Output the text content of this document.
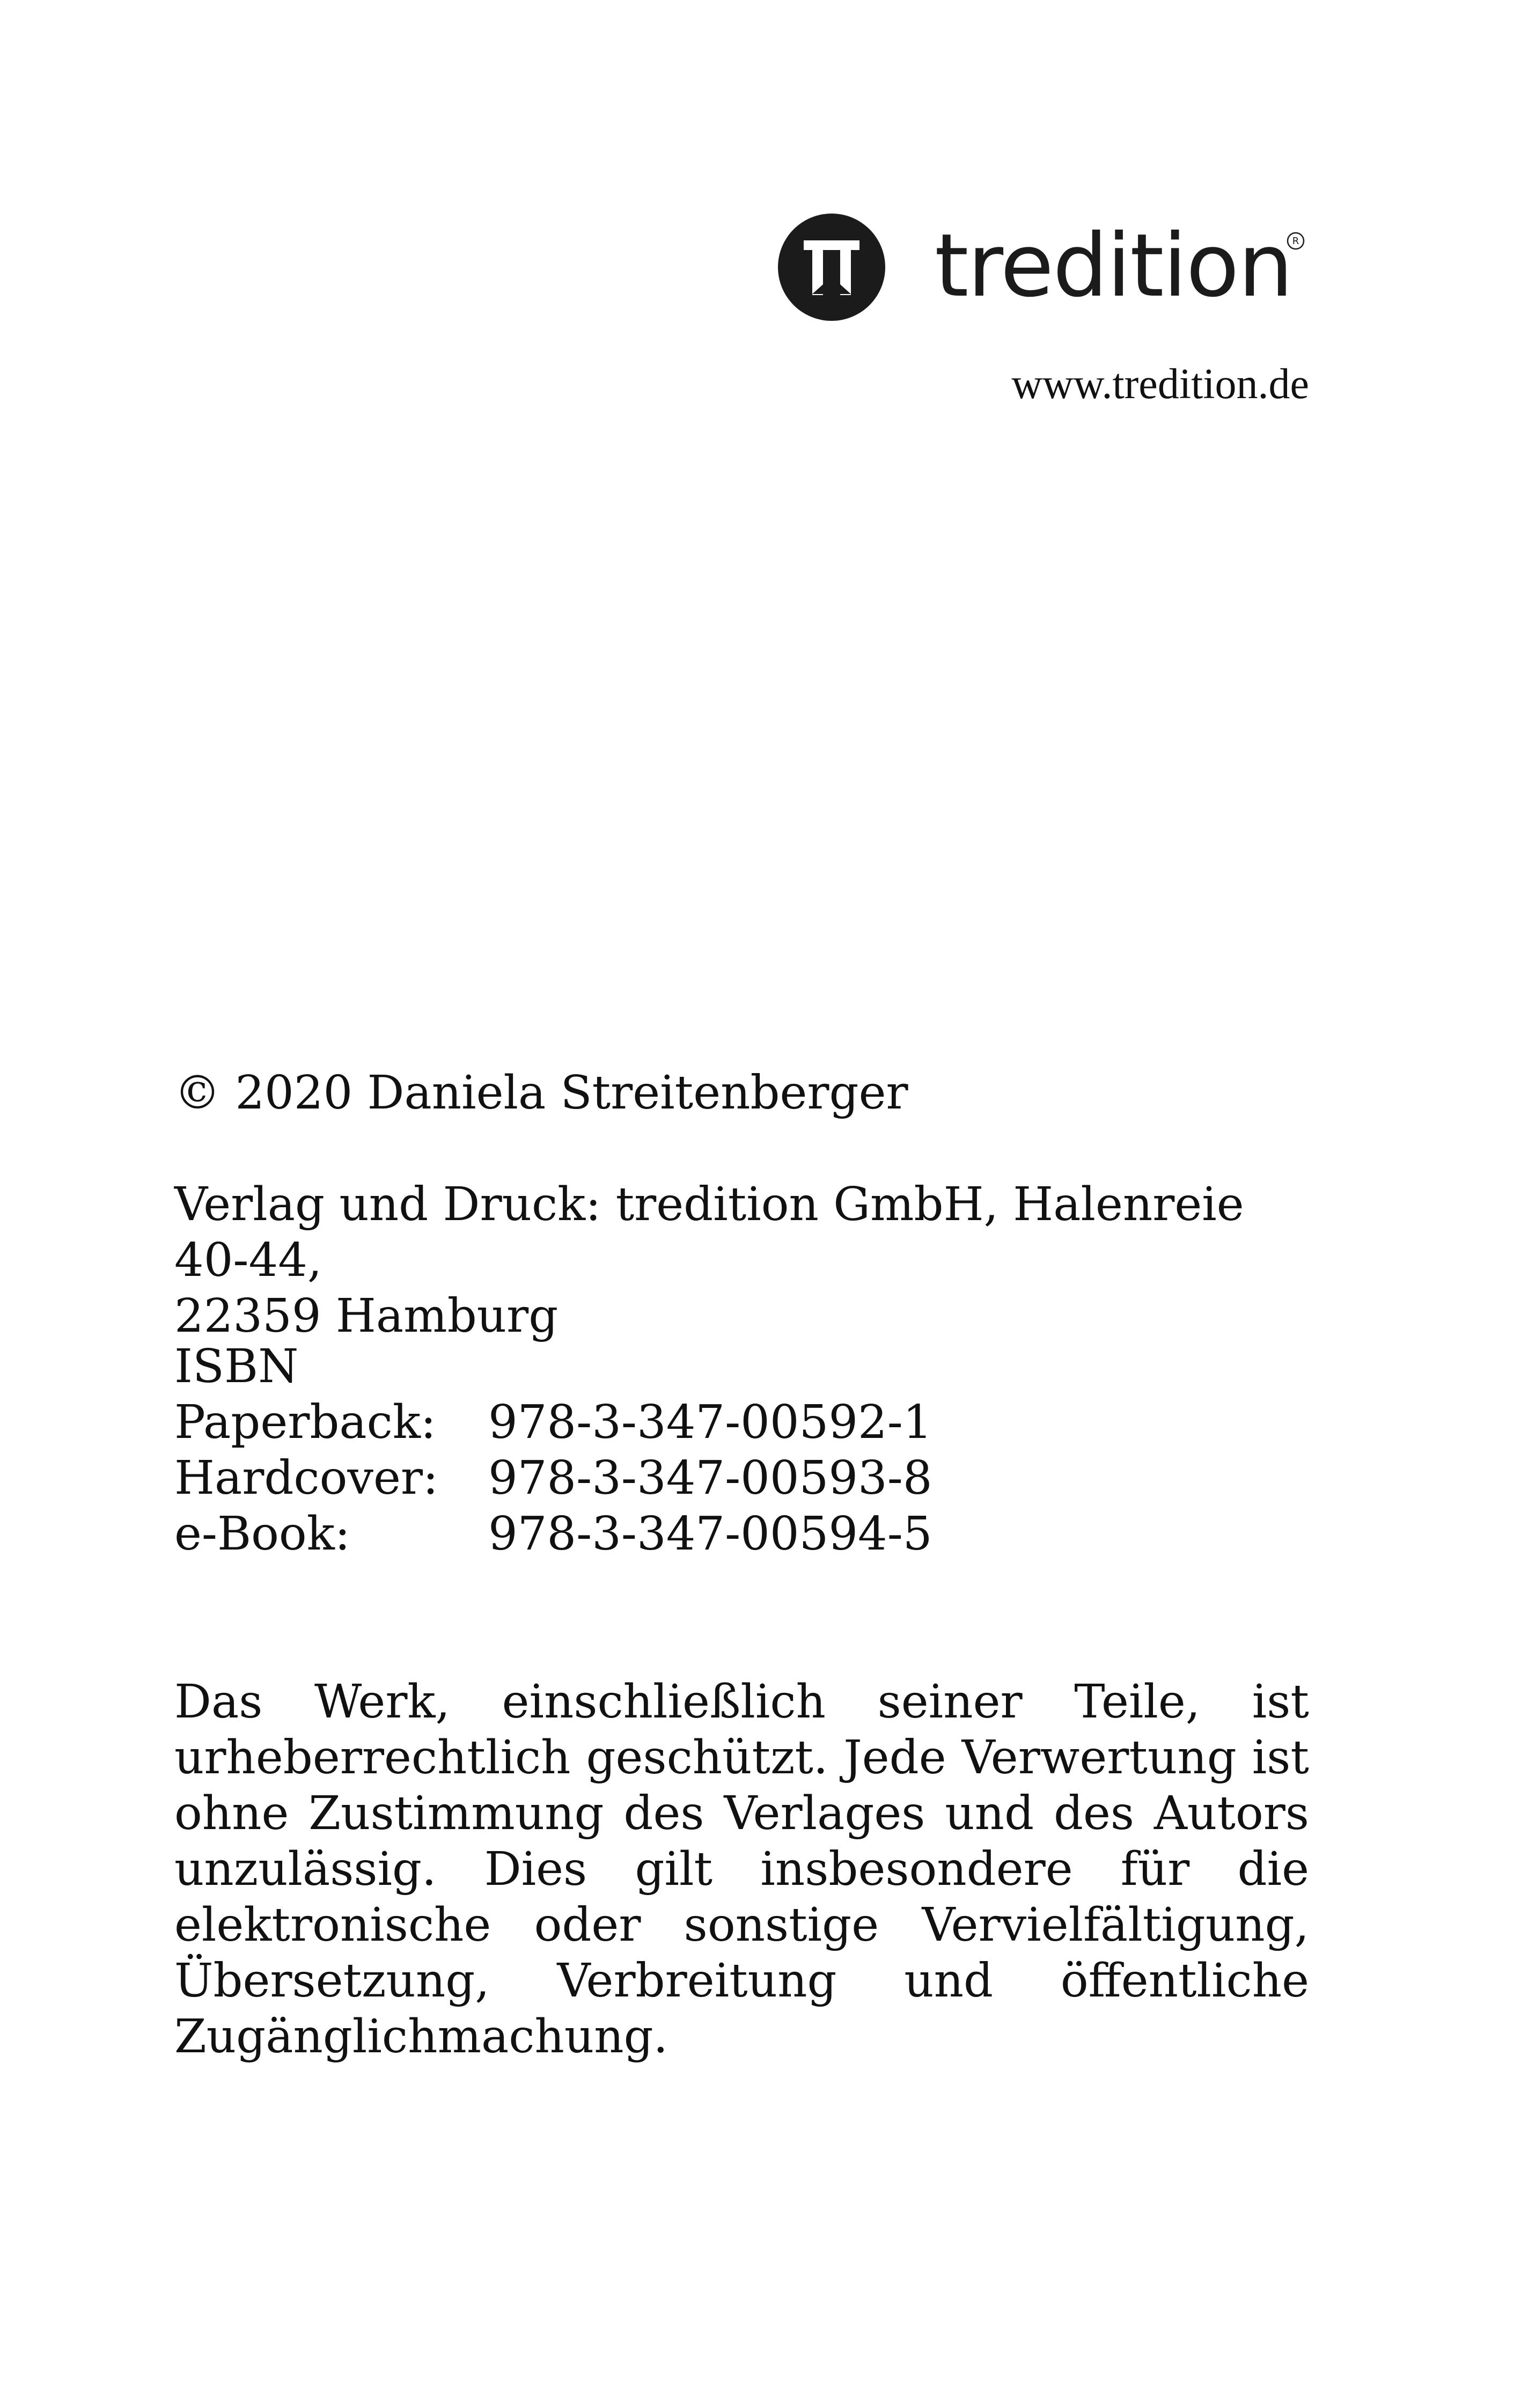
tredition R
www.tredition.de
© 2020 Daniela Streitenberger
Verlag und Druck: tredition GmbH, Halenreie 40-44,
22359 Hamburg
ISBN
Paperback:	978-3-347-00592-1
Hardcover:	978-3-347-00593-8
e-Book:	978-3-347-00594-5
Das Werk, einschließlich seiner Teile, ist urheberrechtlich geschützt. Jede Verwertung ist ohne Zustimmung des Verlages und des Autors unzulässig. Dies gilt insbesondere für die elektronische oder sonstige Vervielfältigung, Übersetzung, Verbreitung und öffentliche Zugänglichmachung.
